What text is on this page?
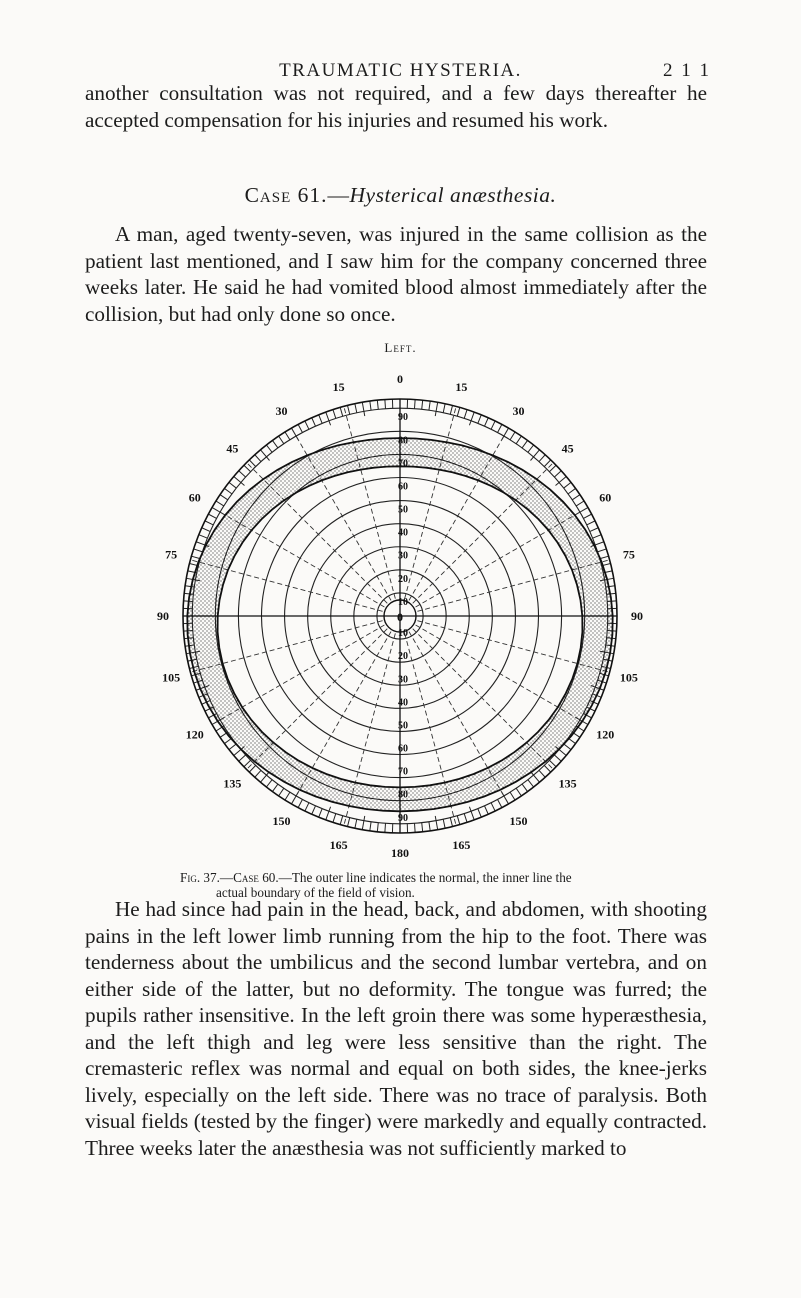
TRAUMATIC HYSTERIA.	2 1 1

another consultation was not required, and a few days thereafter he accepted compensation for his injuries and resumed his work.

Case 61.—Hysterical anæsthesia.

A man, aged twenty-seven, was injured in the same collision as the patient last mentioned, and I saw him for the company concerned three weeks later. He said he had vomited blood almost immediately after the collision, but had only done so once.

Left.
0
15
30
45
60
75
90
105
120
135
150
165
180
165
150
135
120
105
90
75
60
45
30
15
90
90
80
80
70
70
60
60
50
50
40
40
30
30
20
20
10
10
0
Fig. 37.—Case 60.—The outer line indicates the normal, the inner line the
actual boundary of the field of vision.

He had since had pain in the head, back, and abdomen, with shooting pains in the left lower limb running from the hip to the foot. There was tenderness about the umbilicus and the second lumbar vertebra, and on either side of the latter, but no deformity. The tongue was furred; the pupils rather insensitive. In the left groin there was some hyperæsthesia, and the left thigh and leg were less sensitive than the right. The cremasteric reflex was normal and equal on both sides, the knee-jerks lively, especially on the left side. There was no trace of paralysis. Both visual fields (tested by the finger) were markedly and equally contracted. Three weeks later the anæsthesia was not sufficiently marked to
